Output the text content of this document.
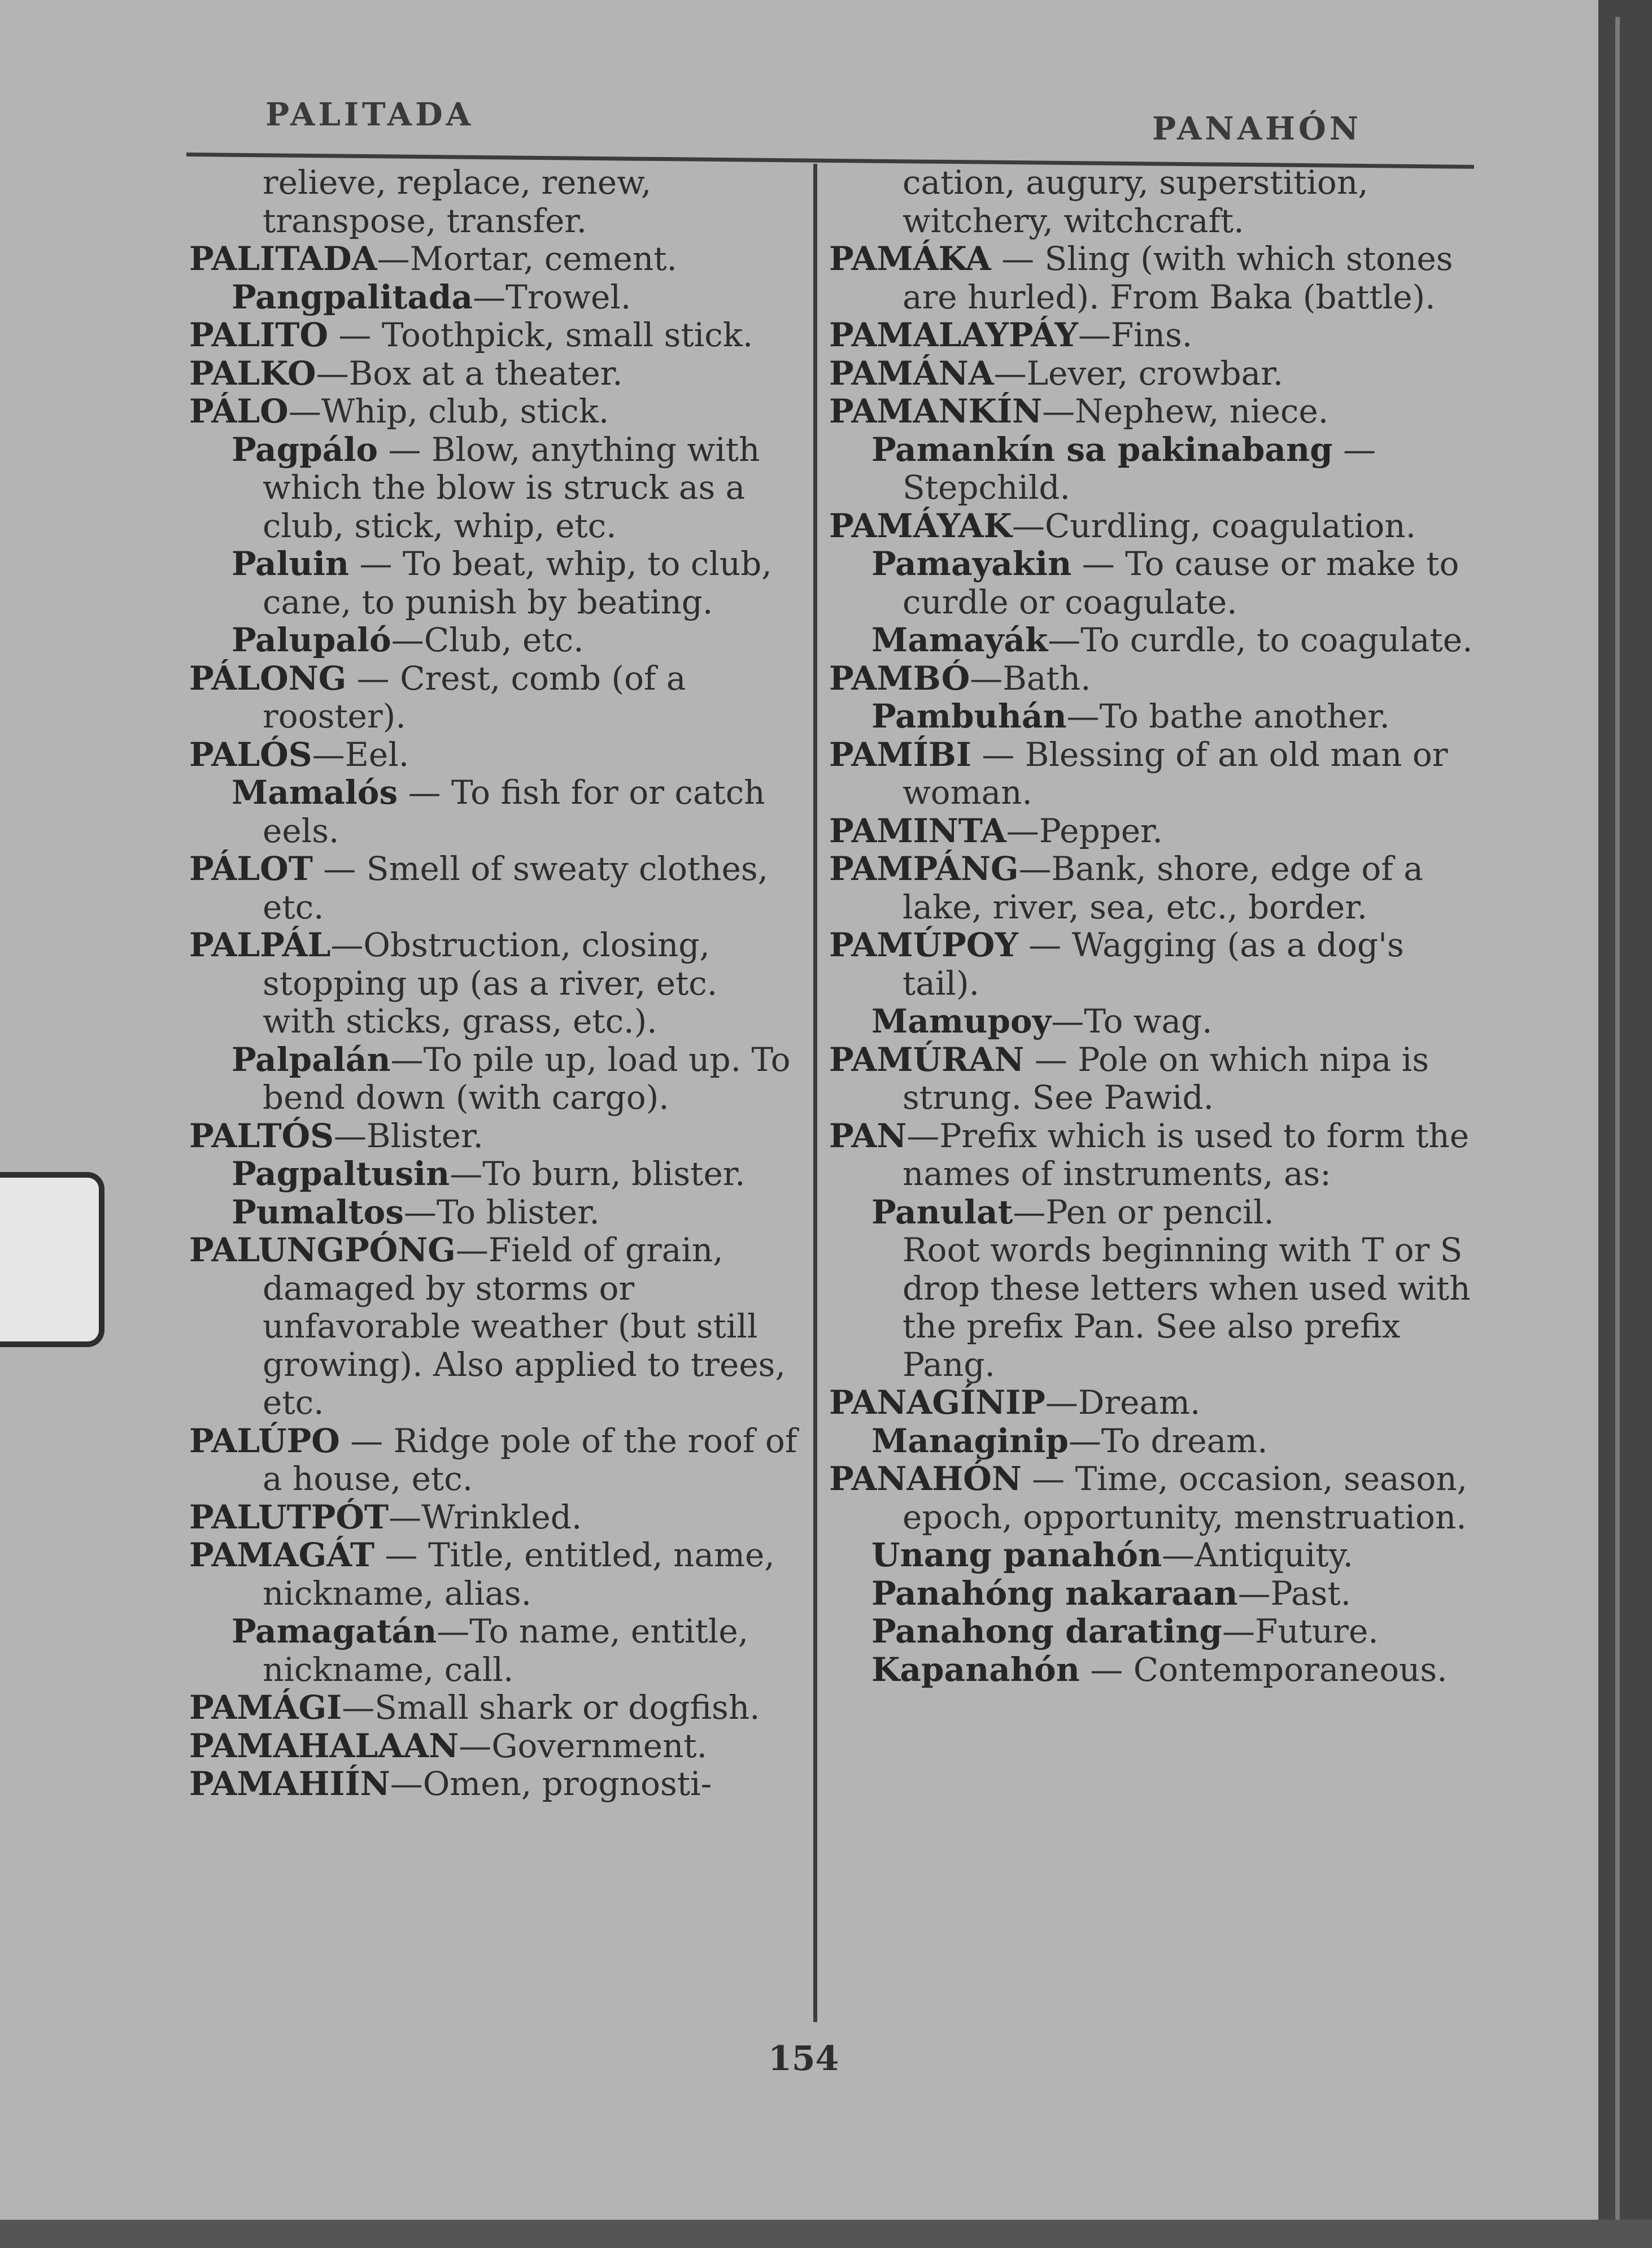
PALITADA	PANAHÓN

relieve, replace, renew, transpose, transfer.

PALITADA—Mortar, cement.

Pangpalitada—Trowel.

PALITO — Toothpick, small stick.

PALKO—Box at a theater.

PÁLO—Whip, club, stick.

Pagpálo — Blow, anything with which the blow is struck as a club, stick, whip, etc.

Paluin — To beat, whip, to club, cane, to punish by beating.

Palupaló—Club, etc.

PÁLONG — Crest, comb (of a rooster).

PALÓS—Eel.

Mamalós — To fish for or catch eels.

PÁLOT — Smell of sweaty clothes, etc.

PALPÁL—Obstruction, closing, stopping up (as a river, etc. with sticks, grass, etc.).

Palpalán—To pile up, load up. To bend down (with cargo).

PALTÓS—Blister.

Pagpaltusin—To burn, blister.

Pumaltos—To blister.

PALUNGPÓNG—Field of grain, damaged by storms or unfavorable weather (but still growing). Also applied to trees, etc.

PALÚPO — Ridge pole of the roof of a house, etc.

PALUTPÓT—Wrinkled.

PAMAGÁT — Title, entitled, name, nickname, alias.

Pamagatán—To name, entitle, nickname, call.

PAMÁGI—Small shark or dogfish.

PAMAHALAAN—Government.

PAMAHIÍN—Omen, prognosti-

cation, augury, superstition, witchery, witchcraft.

PAMÁKA — Sling (with which stones are hurled). From Baka (battle).

PAMALAYPÁY—Fins.

PAMÁNA—Lever, crowbar.

PAMANKÍN—Nephew, niece.

Pamankín sa pakinabang — Stepchild.

PAMÁYAK—Curdling, coagulation.

Pamayakin — To cause or make to curdle or coagulate.

Mamayák—To curdle, to coagulate.

PAMBÓ—Bath.

Pambuhán—To bathe another.

PAMÍBI — Blessing of an old man or woman.

PAMINTA—Pepper.

PAMPÁNG—Bank, shore, edge of a lake, river, sea, etc., border.

PAMÚPOY — Wagging (as a dog's tail).

Mamupoy—To wag.

PAMÚRAN — Pole on which nipa is strung. See Pawid.

PAN—Prefix which is used to form the names of instruments, as:

Panulat—Pen or pencil.

Root words beginning with T or S drop these letters when used with the prefix Pan. See also prefix Pang.

PANAGÍNIP—Dream.

Managinip—To dream.

PANAHÓN — Time, occasion, season, epoch, opportunity, menstruation.

Unang panahón—Antiquity.

Panahóng nakaraan—Past.

Panahong darating—Future.

Kapanahón — Contemporaneous.

154
